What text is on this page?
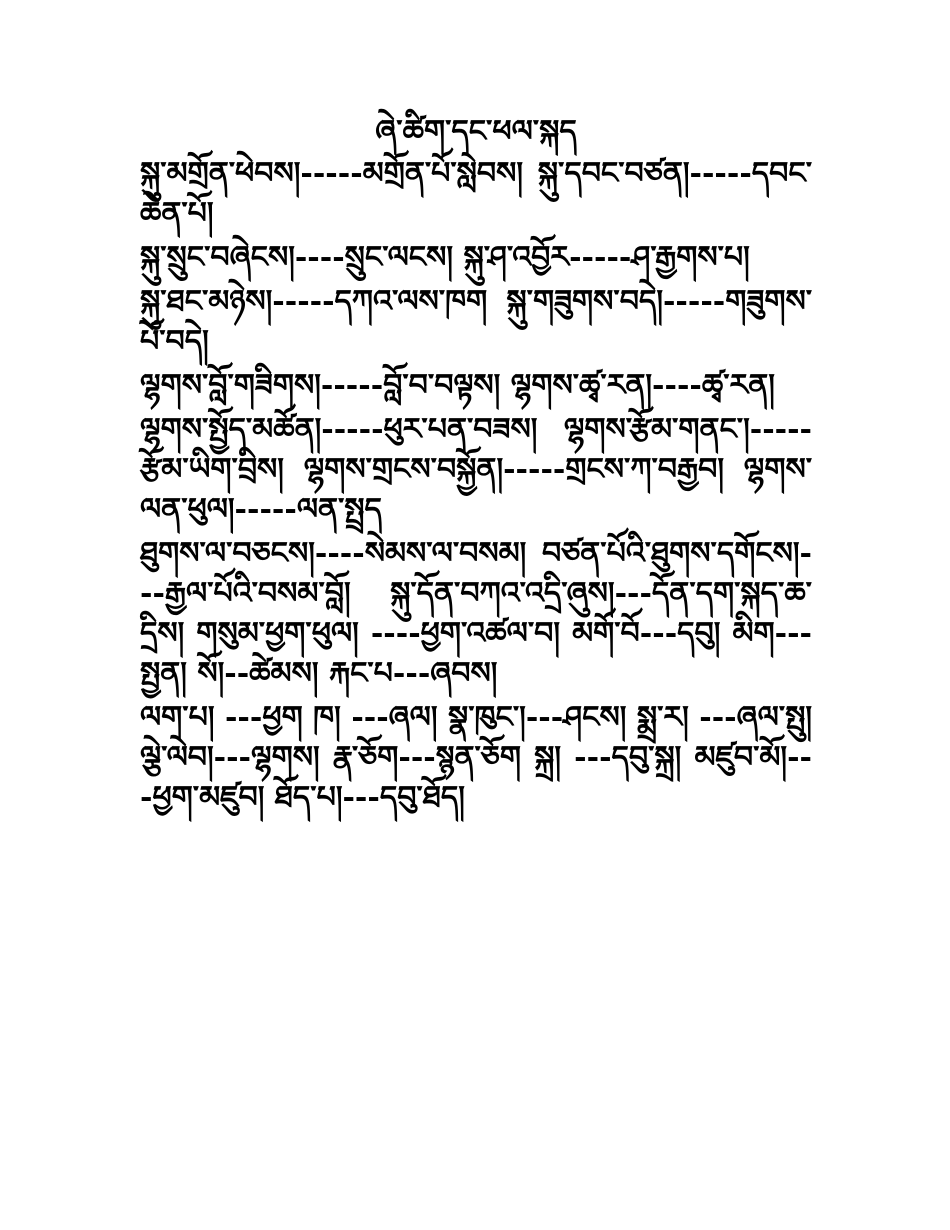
ཞེ་ཚིག་དང་ཕལ་སྐད
སྐུ་མགྲོན་ཕེབས།-----མགྲོན་པོ་སླེབས། སྐུ་དབང་བཙན།-----དབང་ཆེན་པོ།
སྐུ་སྲུང་བཞེངས།----སྲུང་ལངས། སྐུ་ཤ་འབྱོར-----ཤ་རྒྱགས་པ།
སྐུ་ཐང་མཉེས།-----དཀའ་ལས་ཁག སྐུ་གཟུགས་བདེ།-----གཟུགས་པོ་བདེ།
ལྷགས་བློ་གཟིགས།-----བློ་བ་བལྟས། ལྷགས་ཚྭ་རན།----ཚྭ་རན།
ལྷགས་སྤྱོད་མཚོན།-----ཕུར་པན་བཟས། ལྷགས་རྩོམ་གནང་།-----རྩོམ་ཡིག་བྲིས། ལྷགས་གྲངས་བསྐྱོན།-----གྲངས་ཀ་བརྒྱབ། ལྷགས་ལན་ཕུལ།-----ལན་སྤྲད
ཐུགས་ལ་བཅངས།----སེམས་ལ་བསམ། བཙན་པོའི་ཐུགས་དགོངས།---རྒྱལ་པོའི་བསམ་བློ། སྐུ་དོན་བཀའ་འདྲི་ཞུས།---དོན་དག་སྐད་ཆ་དྲིས། གསུམ་ཕྱག་ཕུལ། ----ཕྱག་འཚལ་བ། མགོ་བོ---དབུ། མིག---སྤྱན། སོ།--ཚེམས། རྐང་པ---ཞབས།
ལག་པ། ---ཕྱག ཁ། ---ཞལ། སྣ་ཁུང་།---ཤངས། སྨྲ་ར། ---ཞལ་སྤུ། ལྕེ་ལེབ།---ལྷགས། རྣ་ཅོག---སྙན་ཅོག སྐྲ། ---དབུ་སྐྲ། མཛུབ་མོ།---ཕྱག་མཛུབ། ཐོད་པ།---དབུ་ཐོད།
